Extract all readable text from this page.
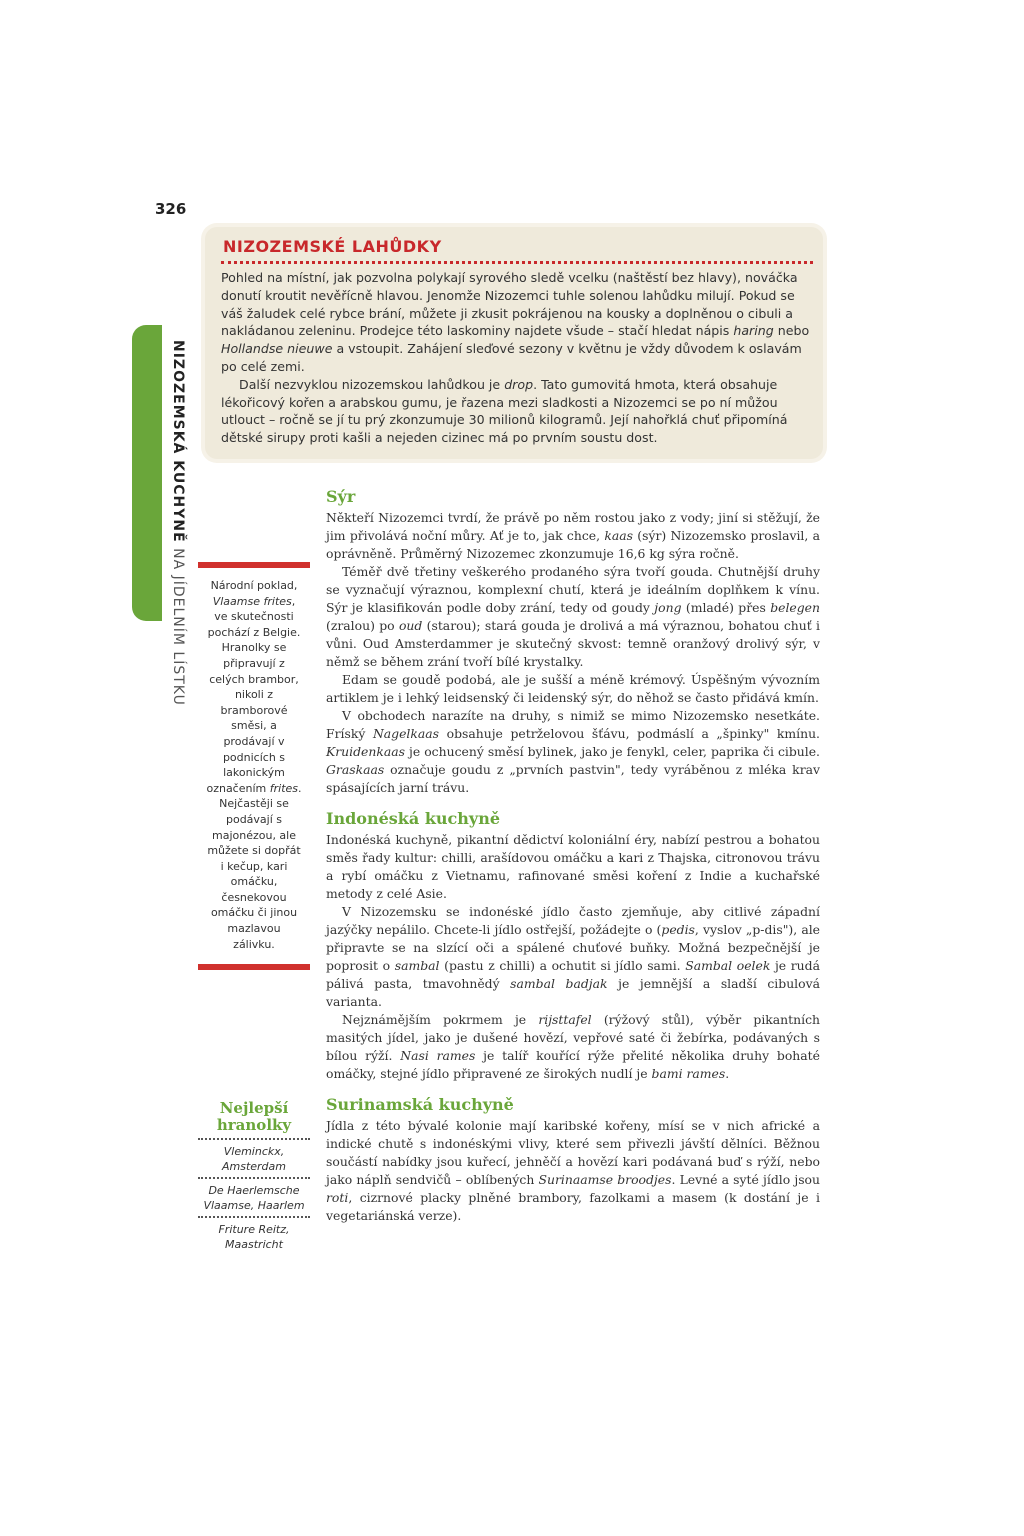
326
NIZOZEMSKÁ KUCHYNĚ NA JÍDELNÍM LÍSTKU
NIZOZEMSKÉ LAHŮDKY

Pohled na místní, jak pozvolna polykají syrového sledě vcelku (naštěstí bez hlavy), nováčka donutí kroutit nevěřícně hlavou. Jenomže Nizozemci tuhle solenou lahůdku milují. Pokud se váš žaludek celé rybce brání, můžete ji zkusit pokrájenou na kousky a doplněnou o cibuli a nakládanou zeleninu. Prodejce této laskominy najdete všude – stačí hledat nápis haring nebo Hollandse nieuwe a vstoupit. Zahájení sleďové sezony v květnu je vždy důvodem k oslavám po celé zemi.

Další nezvyklou nizozemskou lahůdkou je drop. Tato gumovitá hmota, která obsahuje lékořicový kořen a arabskou gumu, je řazena mezi sladkosti a Nizozemci se po ní můžou utlouct – ročně se jí tu prý zkonzumuje 30 milionů kilogramů. Její nahořklá chuť připomíná dětské sirupy proti kašli a nejeden cizinec má po prvním soustu dost.

Národní poklad, Vlaamse frites, ve skutečnosti pochází z Belgie. Hranolky se připravují z celých brambor, nikoli z bramborové směsi, a prodávají v podnicích s lakonickým označením frites. Nejčastěji se podávají s majonézou, ale můžete si dopřát i kečup, kari omáčku, česnekovou omáčku či jinou mazlavou zálivku.
Nejlepší hranolky
Vleminckx,
Amsterdam
De Haerlemsche
Vlaamse, Haarlem
Friture Reitz,
Maastricht
Sýr

Někteří Nizozemci tvrdí, že právě po něm rostou jako z vody; jiní si stěžují, že jim přivolává noční můry. Ať je to, jak chce, kaas (sýr) Nizozemsko proslavil, a oprávněně. Průměrný Nizozemec zkonzumuje 16,6 kg sýra ročně.

Téměř dvě třetiny veškerého prodaného sýra tvoří gouda. Chutnější druhy se vyznačují výraznou, komplexní chutí, která je ideálním doplňkem k vínu. Sýr je klasifikován podle doby zrání, tedy od goudy jong (mladé) přes belegen (zralou) po oud (starou); stará gouda je drolivá a má výraznou, bohatou chuť i vůni. Oud Amsterdammer je skutečný skvost: temně oranžový drolivý sýr, v němž se během zrání tvoří bílé krystalky.

Edam se goudě podobá, ale je sušší a méně krémový. Úspěšným vývozním artiklem je i lehký leidsenský či leidenský sýr, do něhož se často přidává kmín.

V obchodech narazíte na druhy, s nimiž se mimo Nizozemsko nesetkáte. Fríský Nagelkaas obsahuje petrželovou šťávu, podmáslí a „špinky" kmínu. Kruidenkaas je ochucený směsí bylinek, jako je fenykl, celer, paprika či cibule. Graskaas označuje goudu z „prvních pastvin", tedy vyráběnou z mléka krav spásajících jarní trávu.

Indonéská kuchyně

Indonéská kuchyně, pikantní dědictví koloniální éry, nabízí pestrou a bohatou směs řady kultur: chilli, arašídovou omáčku a kari z Thajska, citronovou trávu a rybí omáčku z Vietnamu, rafinované směsi koření z Indie a kuchařské metody z celé Asie.

V Nizozemsku se indonéské jídlo často zjemňuje, aby citlivé západní jazýčky nepálilo. Chcete-li jídlo ostřejší, požádejte o (pedis, vyslov „p-dis"), ale připravte se na slzící oči a spálené chuťové buňky. Možná bezpečnější je poprosit o sambal (pastu z chilli) a ochutit si jídlo sami. Sambal oelek je rudá pálivá pasta, tmavohnědý sambal badjak je jemnější a sladší cibulová varianta.

Nejznámějším pokrmem je rijsttafel (rýžový stůl), výběr pikantních masitých jídel, jako je dušené hovězí, vepřové saté či žebírka, podávaných s bílou rýží. Nasi rames je talíř kouřící rýže přelité několika druhy bohaté omáčky, stejné jídlo připravené ze širokých nudlí je bami rames.

Surinamská kuchyně

Jídla z této bývalé kolonie mají karibské kořeny, mísí se v nich africké a indické chutě s indonéskými vlivy, které sem přivezli jávští dělníci. Běžnou součástí nabídky jsou kuřecí, jehněčí a hovězí kari podávaná buď s rýží, nebo jako náplň sendvičů – oblíbených Surinaamse broodjes. Levné a syté jídlo jsou roti, cizrnové placky plněné brambory, fazolkami a masem (k dostání je i vegetariánská verze).
